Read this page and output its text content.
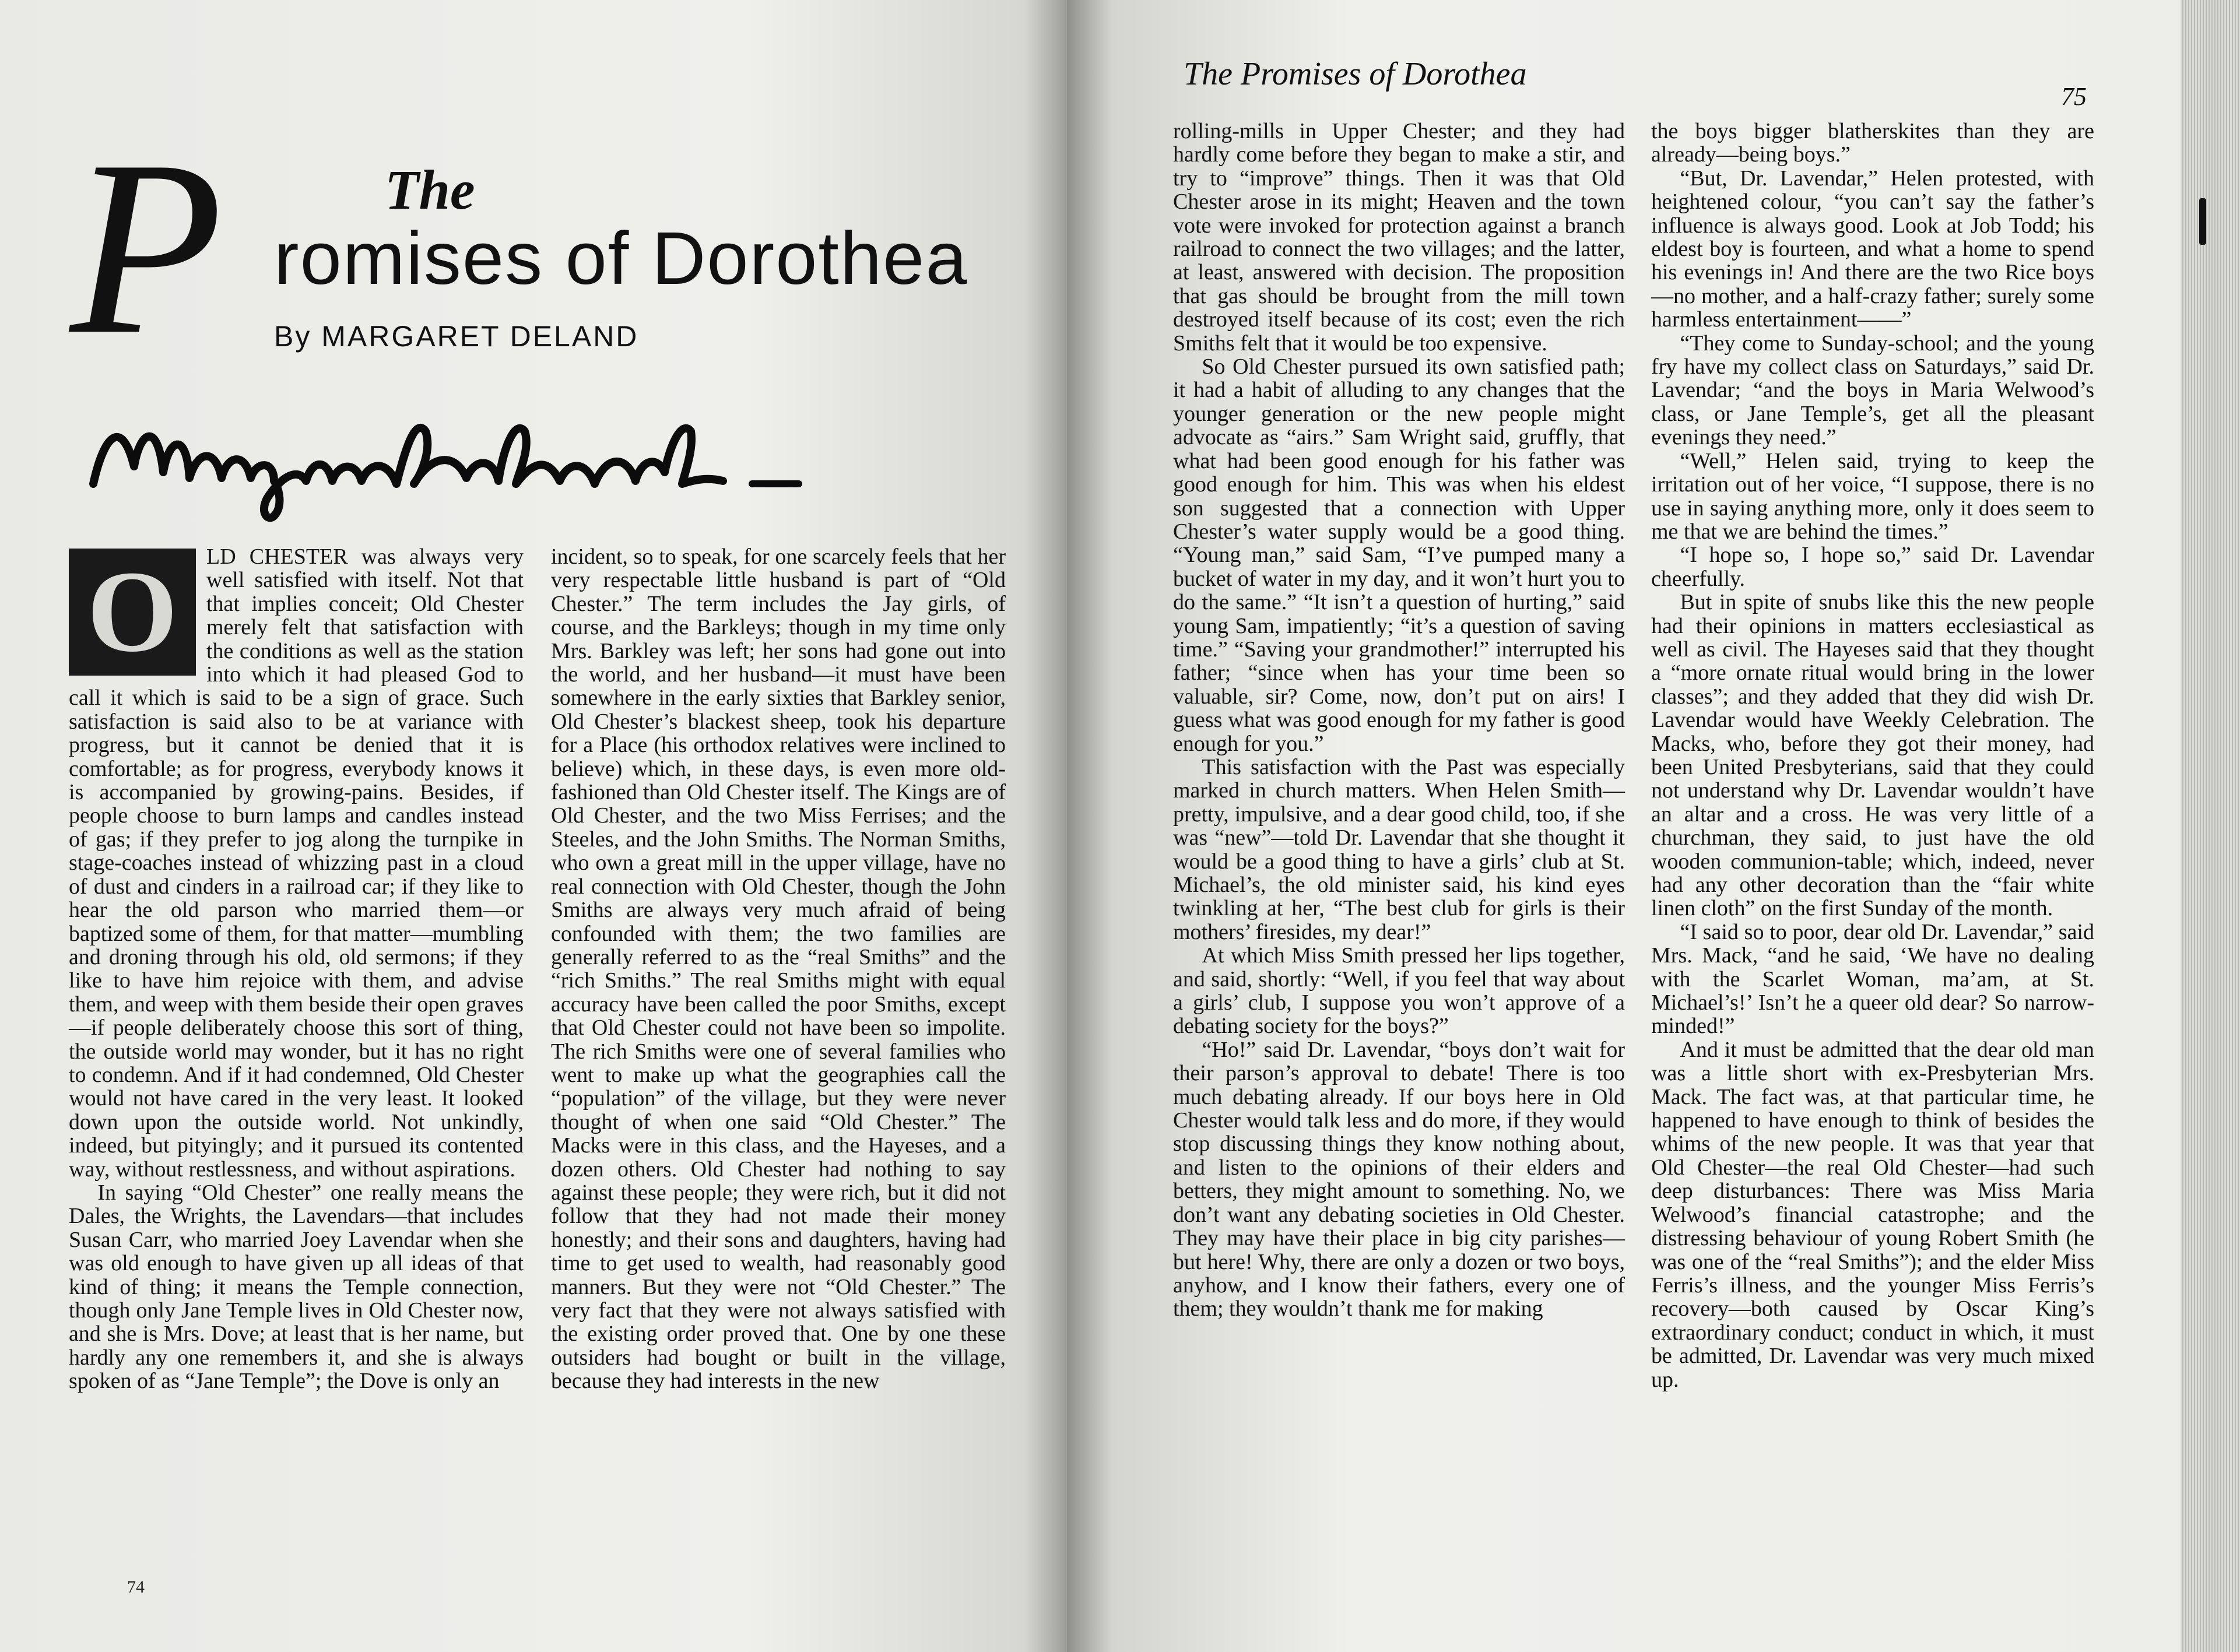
P	The
romises of Dorothea
By MARGARET DELAND
O	LD CHESTER was always very well satisfied with itself. Not that that implies conceit; Old Chester merely felt that satisfaction with the conditions as well as the station into which it had pleased God to call it which is said to be a sign of grace. Such satisfaction is said also to be at variance with progress, but it cannot be denied that it is comfortable; as for progress, everybody knows it is accompanied by growing-pains. Besides, if people choose to burn lamps and candles instead of gas; if they prefer to jog along the turnpike in stage-coaches instead of whizzing past in a cloud of dust and cinders in a railroad car; if they like to hear the old parson who married them—or baptized some of them, for that matter—mumbling and droning through his old, old sermons; if they like to have him rejoice with them, and advise them, and weep with them beside their open graves—if people deliberately choose this sort of thing, the outside world may wonder, but it has no right to condemn. And if it had condemned, Old Chester would not have cared in the very least. It looked down upon the outside world. Not unkindly, indeed, but pityingly; and it pursued its contented way, without restlessness, and without aspirations.

In saying “Old Chester” one really means the Dales, the Wrights, the Lavendars—that includes Susan Carr, who married Joey Lavendar when she was old enough to have given up all ideas of that kind of thing; it means the Temple connection, though only Jane Temple lives in Old Chester now, and she is Mrs. Dove; at least that is her name, but hardly any one remembers it, and she is always spoken of as “Jane Temple”; the Dove is only an

incident, so to speak, for one scarcely feels that her very respectable little husband is part of “Old Chester.” The term includes the Jay girls, of course, and the Barkleys; though in my time only Mrs. Barkley was left; her sons had gone out into the world, and her husband—it must have been somewhere in the early sixties that Barkley senior, Old Chester’s blackest sheep, took his departure for a Place (his orthodox relatives were inclined to believe) which, in these days, is even more old-fashioned than Old Chester itself. The Kings are of Old Chester, and the two Miss Ferrises; and the Steeles, and the John Smiths. The Norman Smiths, who own a great mill in the upper village, have no real connection with Old Chester, though the John Smiths are always very much afraid of being confounded with them; the two families are generally referred to as the “real Smiths” and the “rich Smiths.” The real Smiths might with equal accuracy have been called the poor Smiths, except that Old Chester could not have been so impolite. The rich Smiths were one of several families who went to make up what the geographies call the “population” of the village, but they were never thought of when one said “Old Chester.” The Macks were in this class, and the Hayeses, and a dozen others. Old Chester had nothing to say against these people; they were rich, but it did not follow that they had not made their money honestly; and their sons and daughters, having had time to get used to wealth, had reasonably good manners. But they were not “Old Chester.” The very fact that they were not always satisfied with the existing order proved that. One by one these outsiders had bought or built in the village, because they had interests in the new

74
The Promises of Dorothea
75

rolling-mills in Upper Chester; and they had hardly come before they began to make a stir, and try to “improve” things. Then it was that Old Chester arose in its might; Heaven and the town vote were invoked for protection against a branch railroad to connect the two villages; and the latter, at least, answered with decision. The proposition that gas should be brought from the mill town destroyed itself because of its cost; even the rich Smiths felt that it would be too expensive.

So Old Chester pursued its own satisfied path; it had a habit of alluding to any changes that the younger generation or the new people might advocate as “airs.” Sam Wright said, gruffly, that what had been good enough for his father was good enough for him. This was when his eldest son suggested that a connection with Upper Chester’s water supply would be a good thing. “Young man,” said Sam, “I’ve pumped many a bucket of water in my day, and it won’t hurt you to do the same.” “It isn’t a question of hurting,” said young Sam, impatiently; “it’s a question of saving time.” “Saving your grandmother!” interrupted his father; “since when has your time been so valuable, sir? Come, now, don’t put on airs! I guess what was good enough for my father is good enough for you.”

This satisfaction with the Past was especially marked in church matters. When Helen Smith—pretty, impulsive, and a dear good child, too, if she was “new”—told Dr. Lavendar that she thought it would be a good thing to have a girls’ club at St. Michael’s, the old minister said, his kind eyes twinkling at her, “The best club for girls is their mothers’ firesides, my dear!”

At which Miss Smith pressed her lips together, and said, shortly: “Well, if you feel that way about a girls’ club, I suppose you won’t approve of a debating society for the boys?”

“Ho!” said Dr. Lavendar, “boys don’t wait for their parson’s approval to debate! There is too much debating already. If our boys here in Old Chester would talk less and do more, if they would stop discussing things they know nothing about, and listen to the opinions of their elders and betters, they might amount to something. No, we don’t want any debating societies in Old Chester. They may have their place in big city parishes—but here! Why, there are only a dozen or two boys, anyhow, and I know their fathers, every one of them; they wouldn’t thank me for making

the boys bigger blatherskites than they are already—being boys.”

“But, Dr. Lavendar,” Helen protested, with heightened colour, “you can’t say the father’s influence is always good. Look at Job Todd; his eldest boy is fourteen, and what a home to spend his evenings in! And there are the two Rice boys—no mother, and a half-crazy father; surely some harmless entertainment——”

“They come to Sunday-school; and the young fry have my collect class on Saturdays,” said Dr. Lavendar; “and the boys in Maria Welwood’s class, or Jane Temple’s, get all the pleasant evenings they need.”

“Well,” Helen said, trying to keep the irritation out of her voice, “I suppose, there is no use in saying anything more, only it does seem to me that we are behind the times.”

“I hope so, I hope so,” said Dr. Lavendar cheerfully.

But in spite of snubs like this the new people had their opinions in matters ecclesiastical as well as civil. The Hayeses said that they thought a “more ornate ritual would bring in the lower classes”; and they added that they did wish Dr. Lavendar would have Weekly Celebration. The Macks, who, before they got their money, had been United Presbyterians, said that they could not understand why Dr. Lavendar wouldn’t have an altar and a cross. He was very little of a churchman, they said, to just have the old wooden communion-table; which, indeed, never had any other decoration than the “fair white linen cloth” on the first Sunday of the month.

“I said so to poor, dear old Dr. Lavendar,” said Mrs. Mack, “and he said, ‘We have no dealing with the Scarlet Woman, ma’am, at St. Michael’s!’ Isn’t he a queer old dear? So narrow-minded!”

And it must be admitted that the dear old man was a little short with ex-Presbyterian Mrs. Mack. The fact was, at that particular time, he happened to have enough to think of besides the whims of the new people. It was that year that Old Chester—the real Old Chester—had such deep disturbances: There was Miss Maria Welwood’s financial catastrophe; and the distressing behaviour of young Robert Smith (he was one of the “real Smiths”); and the elder Miss Ferris’s illness, and the younger Miss Ferris’s recovery—both caused by Oscar King’s extraordinary conduct; conduct in which, it must be admitted, Dr. Lavendar was very much mixed up.
